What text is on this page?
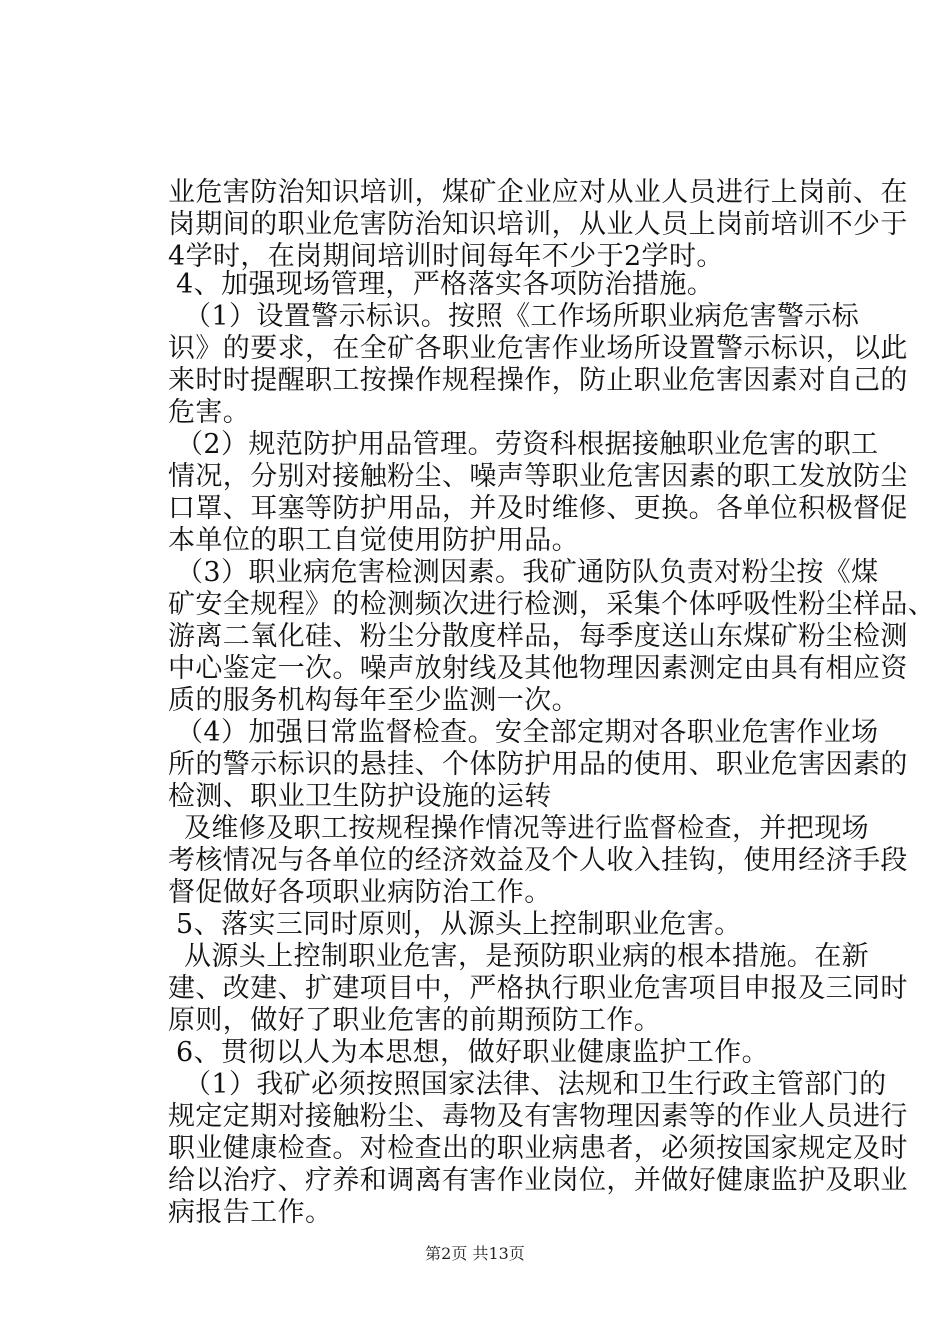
业危害防治知识培训，煤矿企业应对从业人员进行上岗前、在
岗期间的职业危害防治知识培训，从业人员上岗前培训不少于
4学时，在岗期间培训时间每年不少于2学时。
4、加强现场管理，严格落实各项防治措施。
（1）设置警示标识。按照《工作场所职业病危害警示标
识》的要求，在全矿各职业危害作业场所设置警示标识，以此
来时时提醒职工按操作规程操作，防止职业危害因素对自己的
危害。
（2）规范防护用品管理。劳资科根据接触职业危害的职工
情况，分别对接触粉尘、噪声等职业危害因素的职工发放防尘
口罩、耳塞等防护用品，并及时维修、更换。各单位积极督促
本单位的职工自觉使用防护用品。
（3）职业病危害检测因素。我矿通防队负责对粉尘按《煤
矿安全规程》的检测频次进行检测，采集个体呼吸性粉尘样品、
游离二氧化硅、粉尘分散度样品，每季度送山东煤矿粉尘检测
中心鉴定一次。噪声放射线及其他物理因素测定由具有相应资
质的服务机构每年至少监测一次。
（4）加强日常监督检查。安全部定期对各职业危害作业场
所的警示标识的悬挂、个体防护用品的使用、职业危害因素的
检测、职业卫生防护设施的运转
及维修及职工按规程操作情况等进行监督检查，并把现场
考核情况与各单位的经济效益及个人收入挂钩，使用经济手段
督促做好各项职业病防治工作。
5、落实三同时原则，从源头上控制职业危害。
从源头上控制职业危害，是预防职业病的根本措施。在新
建、改建、扩建项目中，严格执行职业危害项目申报及三同时
原则，做好了职业危害的前期预防工作。
6、贯彻以人为本思想，做好职业健康监护工作。
（1）我矿必须按照国家法律、法规和卫生行政主管部门的
规定定期对接触粉尘、毒物及有害物理因素等的作业人员进行
职业健康检查。对检查出的职业病患者，必须按国家规定及时
给以治疗、疗养和调离有害作业岗位，并做好健康监护及职业
病报告工作。
第2页 共13页
